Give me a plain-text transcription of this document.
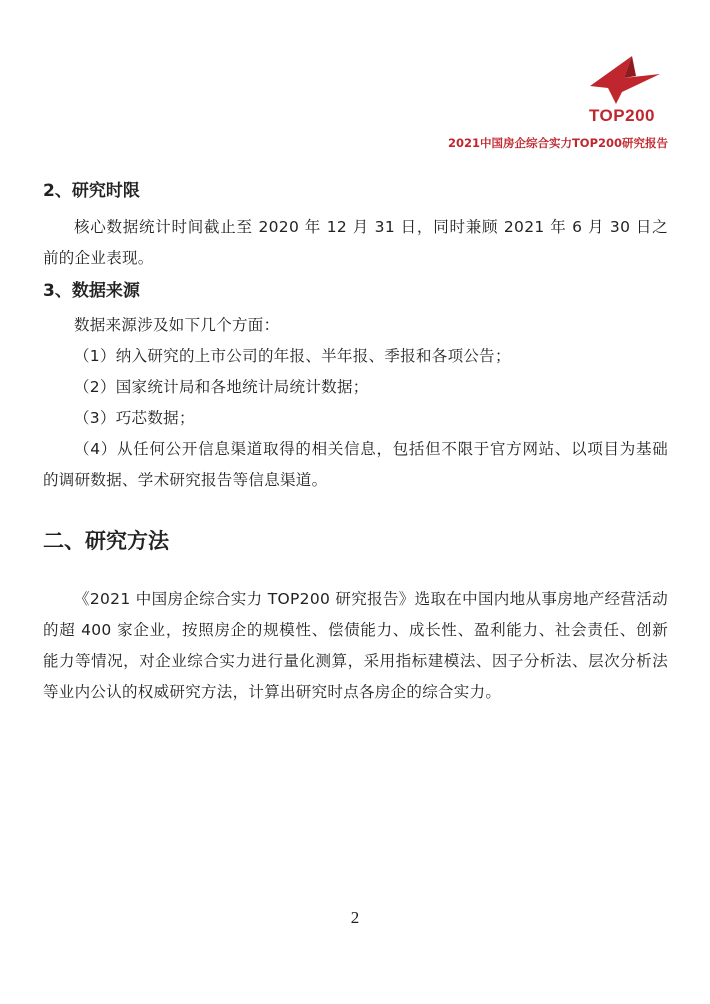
TOP200
2021中国房企综合实力TOP200研究报告
2、研究时限

核心数据统计时间截止至 2020 年 12 月 31 日，同时兼顾 2021 年 6 月 30 日之前的企业表现。

3、数据来源

数据来源涉及如下几个方面：

（1）纳入研究的上市公司的年报、半年报、季报和各项公告；

（2）国家统计局和各地统计局统计数据；

（3）巧芯数据；

（4）从任何公开信息渠道取得的相关信息，包括但不限于官方网站、以项目为基础的调研数据、学术研究报告等信息渠道。

二、研究方法

《2021 中国房企综合实力 TOP200 研究报告》选取在中国内地从事房地产经营活动的超 400 家企业，按照房企的规模性、偿债能力、成长性、盈利能力、社会责任、创新能力等情况，对企业综合实力进行量化测算，采用指标建模法、因子分析法、层次分析法等业内公认的权威研究方法，计算出研究时点各房企的综合实力。

2
